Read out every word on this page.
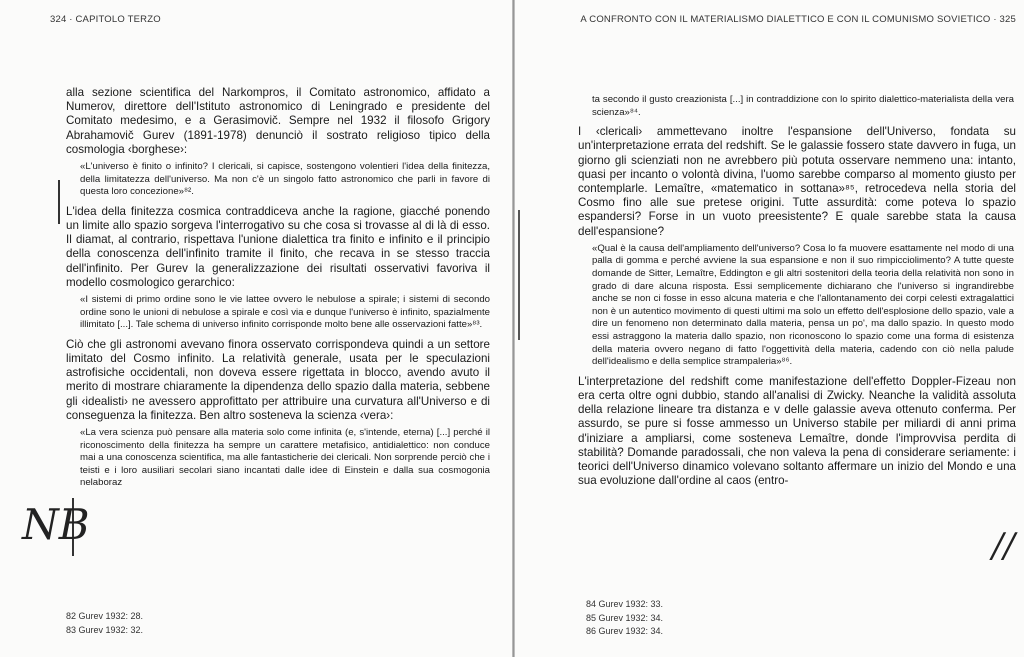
324 · CAPITOLO TERZO

alla sezione scientifica del Narkompros, il Comitato astronomico, affidato a Numerov, direttore dell'Istituto astronomico di Leningrado e presidente del Comitato medesimo, e a Gerasimovič. Sempre nel 1932 il filosofo Grigory Abrahamovič Gurev (1891-1978) denunciò il sostrato religioso tipico della cosmologia ‹borghese›:

«L'universo è finito o infinito? I clericali, si capisce, sostengono volentieri l'idea della finitezza, della limitatezza dell'universo. Ma non c'è un singolo fatto astronomico che parli in favore di questa loro concezione»⁸².

L'idea della finitezza cosmica contraddiceva anche la ragione, giacché ponendo un limite allo spazio sorgeva l'interrogativo su che cosa si trovasse al di là di esso. Il diamat, al contrario, rispettava l'unione dialettica tra finito e infinito e il principio della conoscenza dell'infinito tramite il finito, che recava in se stesso traccia dell'infinito. Per Gurev la generalizzazione dei risultati osservativi favoriva il modello cosmologico gerarchico:

«I sistemi di primo ordine sono le vie lattee ovvero le nebulose a spirale; i sistemi di secondo ordine sono le unioni di nebulose a spirale e così via e dunque l'universo è infinito, spazialmente illimitato [...]. Tale schema di universo infinito corrisponde molto bene alle osservazioni fatte»⁸³.

Ciò che gli astronomi avevano finora osservato corrispondeva quindi a un settore limitato del Cosmo infinito. La relatività generale, usata per le speculazioni astrofisiche occidentali, non doveva essere rigettata in blocco, avendo avuto il merito di mostrare chiaramente la dipendenza dello spazio dalla materia, sebbene gli ‹idealisti› ne avessero approfittato per attribuire una curvatura all'Universo e di conseguenza la finitezza. Ben altro sosteneva la scienza ‹vera›:

«La vera scienza può pensare alla materia solo come infinita (e, s'intende, eterna) [...] perché il riconoscimento della finitezza ha sempre un carattere metafisico, antidialettico: non conduce mai a una conoscenza scientifica, ma alle fantasticherie dei clericali. Non sorprende perciò che i teisti e i loro ausiliari secolari siano incantati dalle idee di Einstein e dalla sua cosmogonia nelaboraz

NB
82 Gurev 1932: 28.
83 Gurev 1932: 32.
A CONFRONTO CON IL MATERIALISMO DIALETTICO E CON IL COMUNISMO SOVIETICO · 325

ta secondo il gusto creazionista [...] in contraddizione con lo spirito dialettico-materialista della vera scienza»⁸⁴.

I ‹clericali› ammettevano inoltre l'espansione dell'Universo, fondata su un'interpretazione errata del redshift. Se le galassie fossero state davvero in fuga, un giorno gli scienziati non ne avrebbero più potuta osservare nemmeno una: intanto, quasi per incanto o volontà divina, l'uomo sarebbe comparso al momento giusto per contemplarle. Lemaître, «matematico in sottana»⁸⁵, retrocedeva nella storia del Cosmo fino alle sue pretese origini. Tutte assurdità: come poteva lo spazio espandersi? Forse in un vuoto preesistente? E quale sarebbe stata la causa dell'espansione?

«Qual è la causa dell'ampliamento dell'universo? Cosa lo fa muovere esattamente nel modo di una palla di gomma e perché avviene la sua espansione e non il suo rimpicciolimento? A tutte queste domande de Sitter, Lemaître, Eddington e gli altri sostenitori della teoria della relatività non sono in grado di dare alcuna risposta. Essi semplicemente dichiarano che l'universo si ingrandirebbe anche se non ci fosse in esso alcuna materia e che l'allontanamento dei corpi celesti extragalattici non è un autentico movimento di questi ultimi ma solo un effetto dell'esplosione dello spazio, vale a dire un fenomeno non determinato dalla materia, pensa un po', ma dallo spazio. In questo modo essi astraggono la materia dallo spazio, non riconoscono lo spazio come una forma di esistenza della materia ovvero negano di fatto l'oggettività della materia, cadendo con ciò nella palude dell'idealismo e della semplice strampaleria»⁸⁶.

L'interpretazione del redshift come manifestazione dell'effetto Doppler-Fizeau non era certa oltre ogni dubbio, stando all'analisi di Zwicky. Neanche la validità assoluta della relazione lineare tra distanza e v delle galassie aveva ottenuto conferma. Per assurdo, se pure si fosse ammesso un Universo stabile per miliardi di anni prima d'iniziare a ampliarsi, come sosteneva Lemaître, donde l'improvvisa perdita di stabilità? Domande paradossali, che non valeva la pena di considerare seriamente: i teorici dell'Universo dinamico volevano soltanto affermare un inizio del Mondo e una sua evoluzione dall'ordine al caos (entro-

//
84 Gurev 1932: 33.
85 Gurev 1932: 34.
86 Gurev 1932: 34.
